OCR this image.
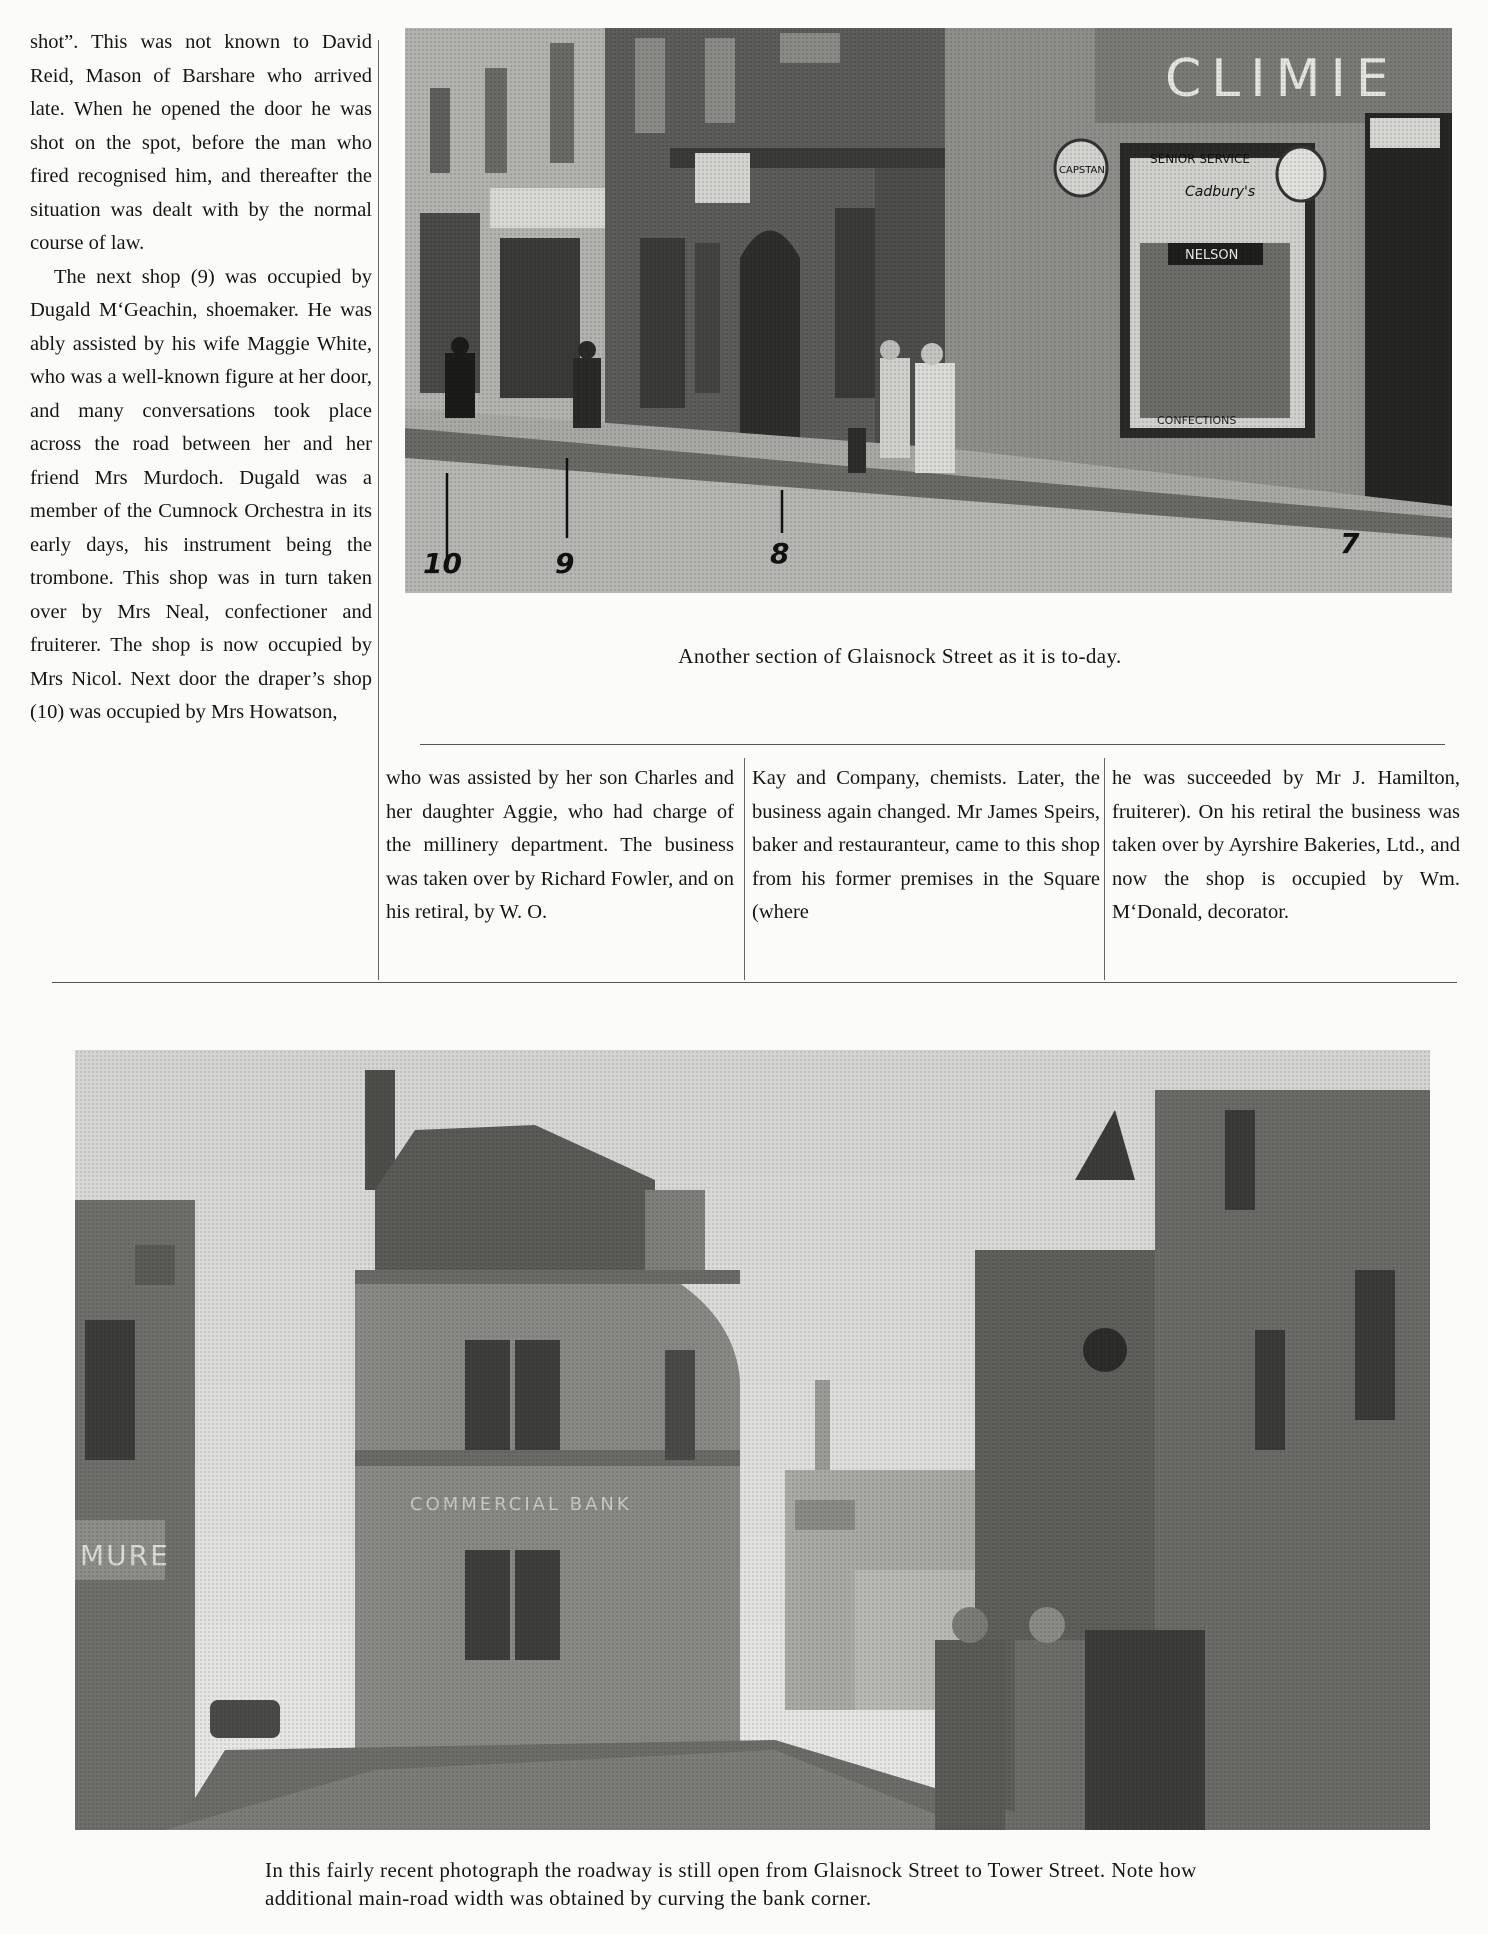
shot”. This was not known to David Reid, Mason of Barshare who arrived late. When he opened the door he was shot on the spot, before the man who fired recognised him, and thereafter the situation was dealt with by the normal course of law.

The next shop (9) was occupied by Dugald M‘Geachin, shoemaker. He was ably assisted by his wife Maggie White, who was a well-known figure at her door, and many conversations took place across the road between her and her friend Mrs Murdoch. Dugald was a member of the Cumnock Orchestra in its early days, his instrument being the trombone. This shop was in turn taken over by Mrs Neal, confectioner and fruiterer. The shop is now occupied by Mrs Nicol. Next door the draper’s shop (10) was occupied by Mrs Howatson,

Another section of Glaisnock Street as it is to-day.
who was assisted by her son Charles and her daughter Aggie, who had charge of the millinery department. The business was taken over by Richard Fowler, and on his retiral, by W. O.
Kay and Company, chemists. Later, the business again changed. Mr James Speirs, baker and restauranteur, came to this shop from his former premises in the Square (where
he was succeeded by Mr J. Hamilton, fruiterer). On his retiral the business was taken over by Ayrshire Bakeries, Ltd., and now the shop is occupied by Wm. M‘Donald, decorator.
In this fairly recent photograph the roadway is still open from Glaisnock Street to Tower Street. Note how additional main-road width was obtained by curving the bank corner.
